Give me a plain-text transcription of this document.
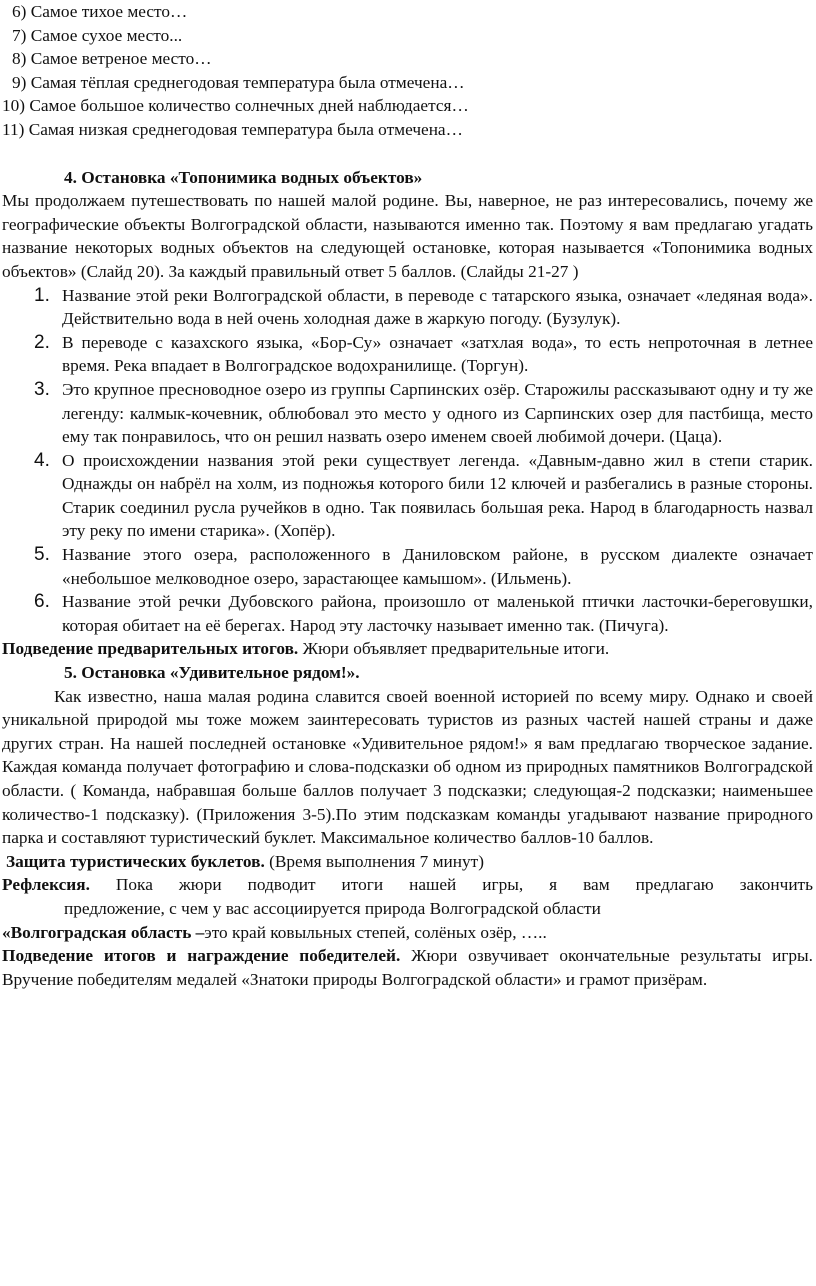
6) Самое тихое место…
7) Самое сухое место...
8) Самое ветреное место…
9) Самая тёплая среднегодовая температура была отмечена…
10) Самое большое количество солнечных дней наблюдается…
11) Самая низкая среднегодовая температура была отмечена…
4. Остановка «Топонимика водных объектов»
Мы продолжаем путешествовать по нашей малой родине. Вы, наверное, не раз интересовались, почему же географические объекты Волгоградской области, называются именно так. Поэтому я вам предлагаю угадать название некоторых водных объектов на следующей остановке, которая называется «Топонимика водных объектов» (Слайд 20). За каждый правильный ответ 5 баллов. (Слайды 21-27 )
1. Название этой реки Волгоградской области, в переводе с татарского языка, означает «ледяная вода». Действительно вода в ней очень холодная даже в жаркую погоду. (Бузулук).
2. В переводе с казахского языка, «Бор-Су» означает «затхлая вода», то есть непроточная в летнее время. Река впадает в Волгоградское водохранилище. (Торгун).
3. Это крупное пресноводное озеро из группы Сарпинских озёр. Старожилы рассказывают одну и ту же легенду: калмык-кочевник, облюбовал это место у одного из Сарпинских озер для пастбища, место ему так понравилось, что он решил назвать озеро именем своей любимой дочери. (Цаца).
4. О происхождении названия этой реки существует легенда. «Давным-давно жил в степи старик. Однажды он набрёл на холм, из подножья которого били 12 ключей и разбегались в разные стороны. Старик соединил русла ручейков в одно. Так появилась большая река. Народ в благодарность назвал эту реку по имени старика». (Хопёр).
5. Название этого озера, расположенного в Даниловском районе, в русском диалекте означает «небольшое мелководное озеро, зарастающее камышом». (Ильмень).
6. Название этой речки Дубовского района, произошло от маленькой птички ласточки-береговушки, которая обитает на её берегах. Народ эту ласточку называет именно так. (Пичуга).
Подведение предварительных итогов. Жюри объявляет предварительные итоги.
5. Остановка «Удивительное рядом!».
Как известно, наша малая родина славится своей военной историей по всему миру. Однако и своей уникальной природой мы тоже можем заинтересовать туристов из разных частей нашей страны и даже других стран. На нашей последней остановке «Удивительное рядом!» я вам предлагаю творческое задание. Каждая команда получает фотографию и слова-подсказки об одном из природных памятников Волгоградской области. ( Команда, набравшая больше баллов получает 3 подсказки; следующая-2 подсказки; наименьшее количество-1 подсказку). (Приложения 3-5).По этим подсказкам команды угадывают название природного парка и составляют туристический буклет. Максимальное количество баллов-10 баллов.
Защита туристических буклетов. (Время выполнения 7 минут)
Рефлексия. Пока жюри подводит итоги нашей игры, я вам предлагаю закончить
предложение, с чем у вас ассоциируется природа Волгоградской области
«Волгоградская область –это край ковыльных степей, солёных озёр, …..
Подведение итогов и награждение победителей. Жюри озвучивает окончательные результаты игры. Вручение победителям медалей «Знатоки природы Волгоградской области» и грамот призёрам.
